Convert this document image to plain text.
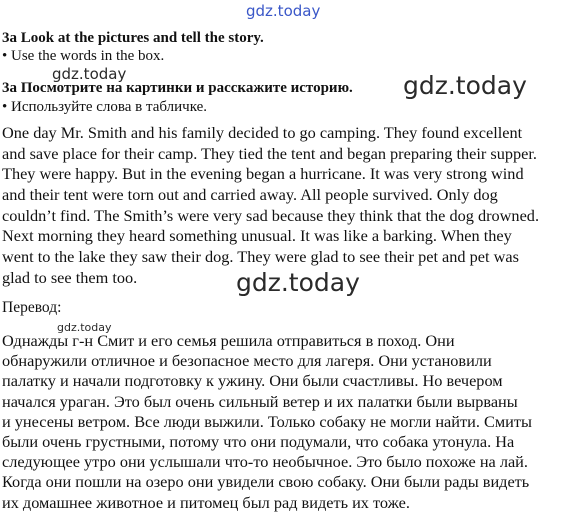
gdz.today

3a Look at the pictures and tell the story.

• Use the words in the box.

gdz.today

3а Посмотрите на картинки и расскажите историю. gdz.today

• Используйте слова в табличке.

One day Mr. Smith and his family decided to go camping. They found excellent
and save place for their camp. They tied the tent and began preparing their supper.
They were happy. But in the evening began a hurricane. It was very strong wind
and their tent were torn out and carried away. All people survived. Only dog
couldn’t find. The Smith’s were very sad because they think that the dog drowned.
Next morning they heard something unusual. It was like a barking. When they
went to the lake they saw their dog. They were glad to see their pet and pet was
glad to see them too.	gdz.today
Перевод:
gdz.today
Однажды г-н Смит и его семья решила отправиться в поход. Они
обнаружили отличное и безопасное место для лагеря. Они установили
палатку и начали подготовку к ужину. Они были счастливы. Но вечером
начался ураган. Это был очень сильный ветер и их палатки были вырваны
и унесены ветром. Все люди выжили. Только собаку не могли найти. Смиты
были очень грустными, потому что они подумали, что собака утонула. На
следующее утро они услышали что-то необычное. Это было похоже на лай.
Когда они пошли на озеро они увидели свою собаку. Они были рады видеть
их домашнее животное и питомец был рад видеть их тоже.
